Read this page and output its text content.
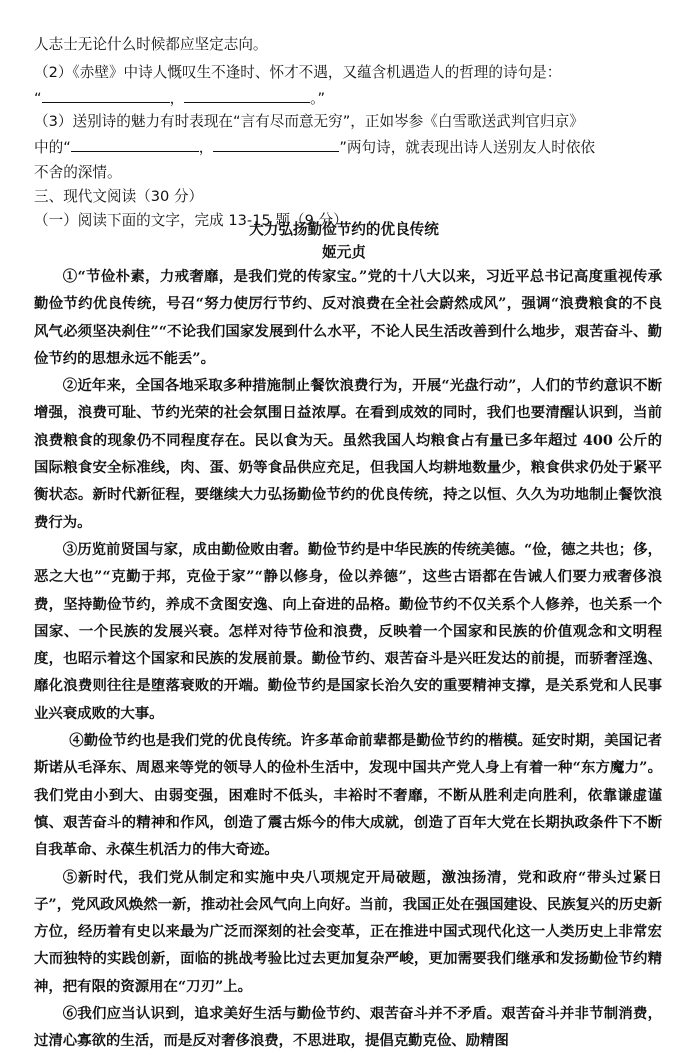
人志士无论什么时候都应坚定志向。
（2）《赤壁》中诗人慨叹生不逢时、怀才不遇，又蕴含机遇造人的哲理的诗句是：
“	，	。”
（3）送别诗的魅力有时表现在“言有尽而意无穷”，正如岑参《白雪歌送武判官归京》
中的“	，	”两句诗，就表现出诗人送别友人时依依
不舍的深情。
三、现代文阅读（30 分）
（一）阅读下面的文字，完成 13-15 题（9 分）
大力弘扬勤俭节约的优良传统
姬元贞

①“节俭朴素，力戒奢靡，是我们党的传家宝。”党的十八大以来，习近平总书记高度重视传承勤俭节约优良传统，号召“努力使厉行节约、反对浪费在全社会蔚然成风”，强调“浪费粮食的不良风气必须坚决刹住”“不论我们国家发展到什么水平，不论人民生活改善到什么地步，艰苦奋斗、勤俭节约的思想永远不能丢”。

②近年来，全国各地采取多种措施制止餐饮浪费行为，开展“光盘行动”，人们的节约意识不断增强，浪费可耻、节约光荣的社会氛围日益浓厚。在看到成效的同时，我们也要清醒认识到，当前浪费粮食的现象仍不同程度存在。民以食为天。虽然我国人均粮食占有量已多年超过 400 公斤的国际粮食安全标准线，肉、蛋、奶等食品供应充足，但我国人均耕地数量少，粮食供求仍处于紧平衡状态。新时代新征程，要继续大力弘扬勤俭节约的优良传统，持之以恒、久久为功地制止餐饮浪费行为。

③历览前贤国与家，成由勤俭败由奢。勤俭节约是中华民族的传统美德。“俭，德之共也；侈，恶之大也”“克勤于邦，克俭于家”“静以修身，俭以养德”，这些古语都在告诫人们要力戒奢侈浪费，坚持勤俭节约，养成不贪图安逸、向上奋进的品格。勤俭节约不仅关系个人修养，也关系一个国家、一个民族的发展兴衰。怎样对待节俭和浪费，反映着一个国家和民族的价值观念和文明程度，也昭示着这个国家和民族的发展前景。勤俭节约、艰苦奋斗是兴旺发达的前提，而骄奢淫逸、靡化浪费则往往是堕落衰败的开端。勤俭节约是国家长治久安的重要精神支撑，是关系党和人民事业兴衰成败的大事。

④勤俭节约也是我们党的优良传统。许多革命前辈都是勤俭节约的楷模。延安时期，美国记者斯诺从毛泽东、周恩来等党的领导人的俭朴生活中，发现中国共产党人身上有着一种“东方魔力”。我们党由小到大、由弱变强，困难时不低头，丰裕时不奢靡，不断从胜利走向胜利，依靠谦虚谨慎、艰苦奋斗的精神和作风，创造了震古烁今的伟大成就，创造了百年大党在长期执政条件下不断自我革命、永葆生机活力的伟大奇迹。

⑤新时代，我们党从制定和实施中央八项规定开局破题，激浊扬清，党和政府“带头过紧日子”，党风政风焕然一新，推动社会风气向上向好。当前，我国正处在强国建设、民族复兴的历史新方位，经历着有史以来最为广泛而深刻的社会变革，正在推进中国式现代化这一人类历史上非常宏大而独特的实践创新，面临的挑战考验比过去更加复杂严峻，更加需要我们继承和发扬勤俭节约精神，把有限的资源用在“刀刃”上。

⑥我们应当认识到，追求美好生活与勤俭节约、艰苦奋斗并不矛盾。艰苦奋斗并非节制消费，过清心寡欲的生活，而是反对奢侈浪费，不思进取，提倡克勤克俭、励精图
